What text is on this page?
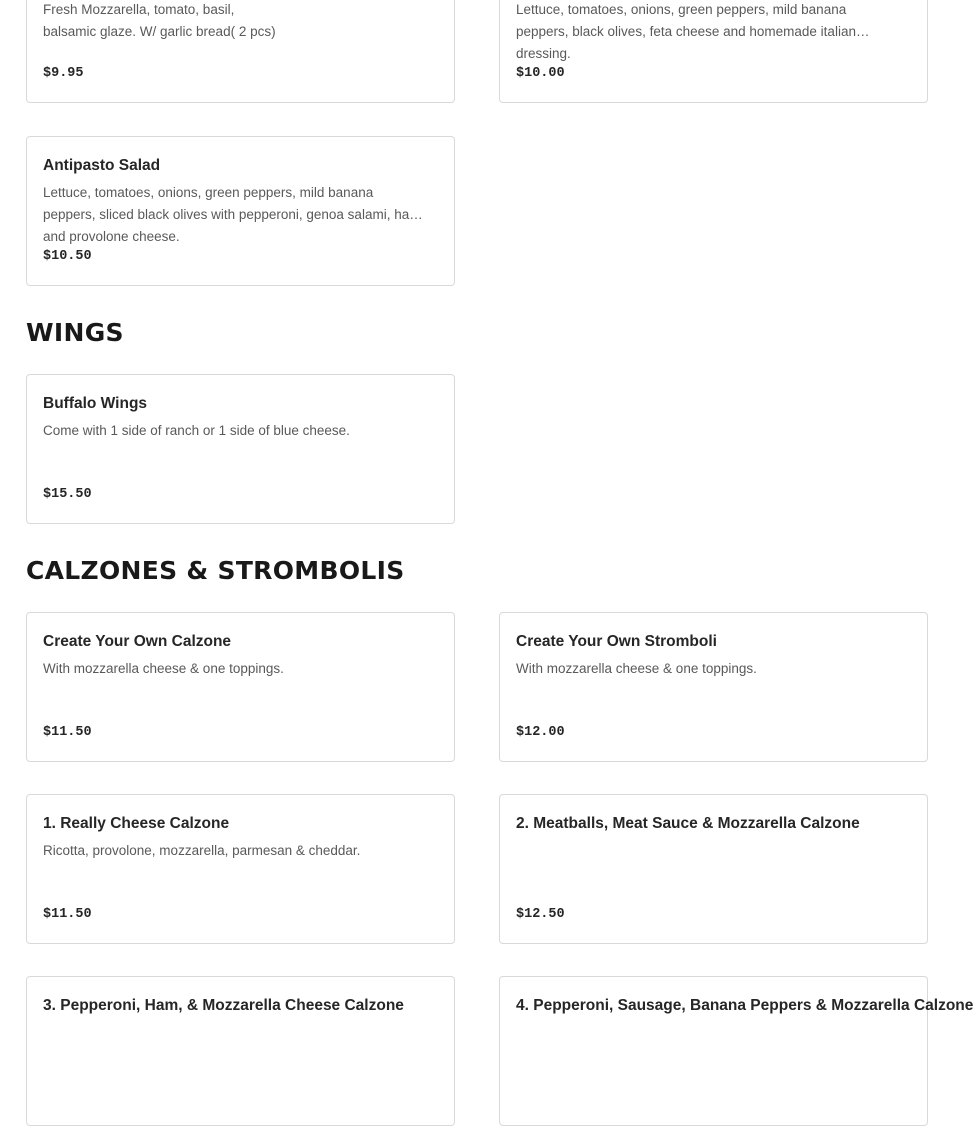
Fresh Mozzarella, tomato, basil,
balsamic glaze. W/ garlic bread( 2 pcs)
$9.95
Lettuce, tomatoes, onions, green peppers, mild banana peppers, black olives, feta cheese and homemade italian dressing.
$10.00
Antipasto Salad
Lettuce, tomatoes, onions, green peppers, mild banana peppers, sliced black olives with pepperoni, genoa salami, ham and provolone cheese.
$10.50
WINGS
Buffalo Wings
Come with 1 side of ranch or 1 side of blue cheese.
$15.50
CALZONES & STROMBOLIS
Create Your Own Calzone
With mozzarella cheese & one toppings.
$11.50
Create Your Own Stromboli
With mozzarella cheese & one toppings.
$12.00
1. Really Cheese Calzone
Ricotta, provolone, mozzarella, parmesan & cheddar.
$11.50
2. Meatballs, Meat Sauce & Mozzarella Calzone
$12.50
3. Pepperoni, Ham, & Mozzarella Cheese Calzone	4. Pepperoni, Sausage, Banana Peppers & Mozzarella Calzone
